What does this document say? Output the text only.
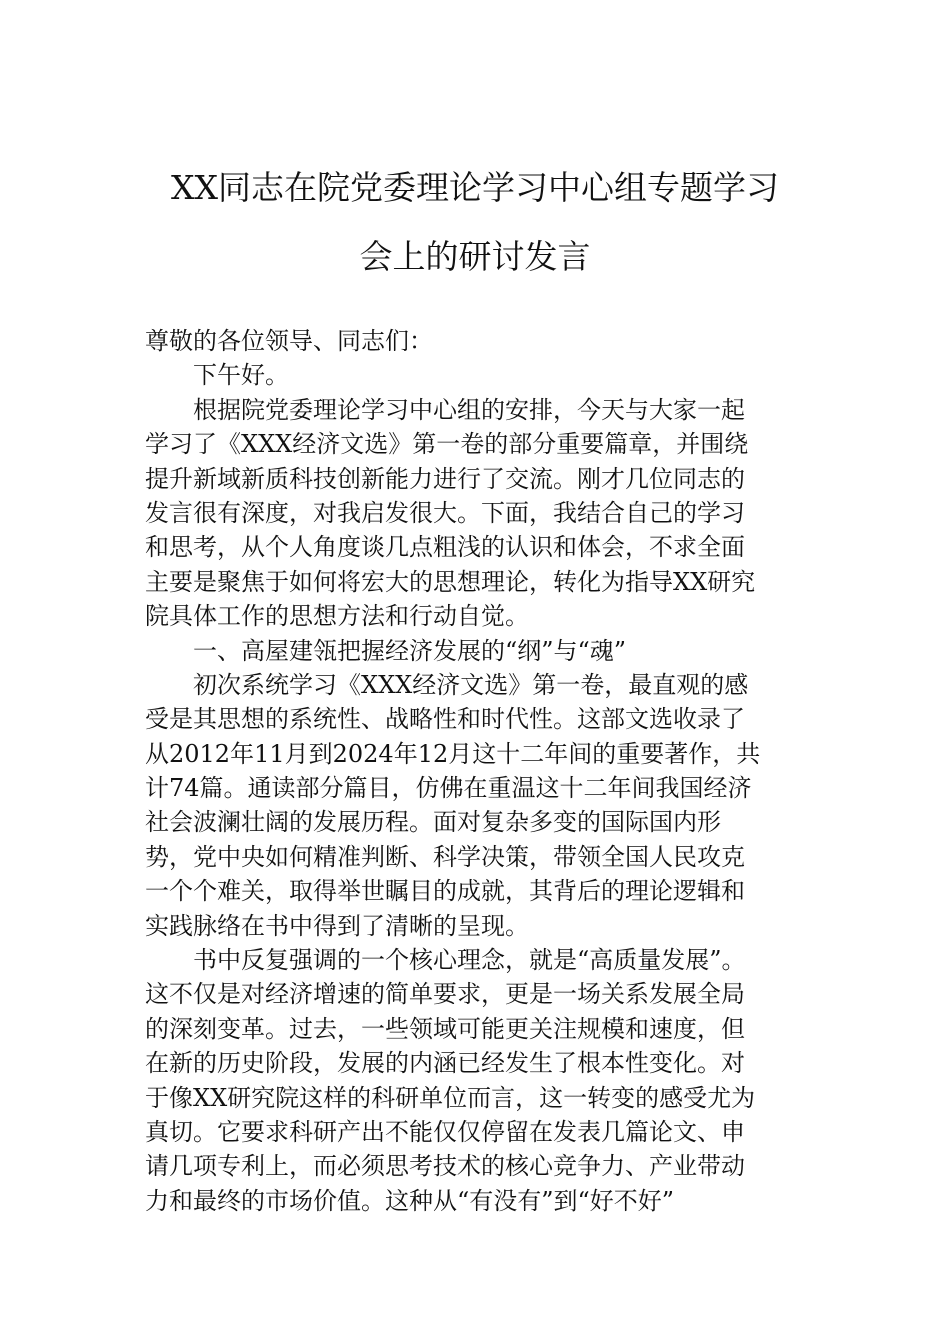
XX同志在院党委理论学习中心组专题学习
会上的研讨发言
尊敬的各位领导、同志们：
下午好。
根据院党委理论学习中心组的安排，今天与大家一起
学习了《XXX经济文选》第一卷的部分重要篇章，并围绕
提升新域新质科技创新能力进行了交流。刚才几位同志的
发言很有深度，对我启发很大。下面，我结合自己的学习
和思考，从个人角度谈几点粗浅的认识和体会，不求全面
主要是聚焦于如何将宏大的思想理论，转化为指导XX研究
院具体工作的思想方法和行动自觉。
一、高屋建瓴把握经济发展的“纲”与“魂”
初次系统学习《XXX经济文选》第一卷，最直观的感
受是其思想的系统性、战略性和时代性。这部文选收录了
从2012年11月到2024年12月这十二年间的重要著作，共
计74篇。通读部分篇目，仿佛在重温这十二年间我国经济
社会波澜壮阔的发展历程。面对复杂多变的国际国内形
势，党中央如何精准判断、科学决策，带领全国人民攻克
一个个难关，取得举世瞩目的成就，其背后的理论逻辑和
实践脉络在书中得到了清晰的呈现。
书中反复强调的一个核心理念，就是“高质量发展”。
这不仅是对经济增速的简单要求，更是一场关系发展全局
的深刻变革。过去，一些领域可能更关注规模和速度，但
在新的历史阶段，发展的内涵已经发生了根本性变化。对
于像XX研究院这样的科研单位而言，这一转变的感受尤为
真切。它要求科研产出不能仅仅停留在发表几篇论文、申
请几项专利上，而必须思考技术的核心竞争力、产业带动
力和最终的市场价值。这种从“有没有”到“好不好”
